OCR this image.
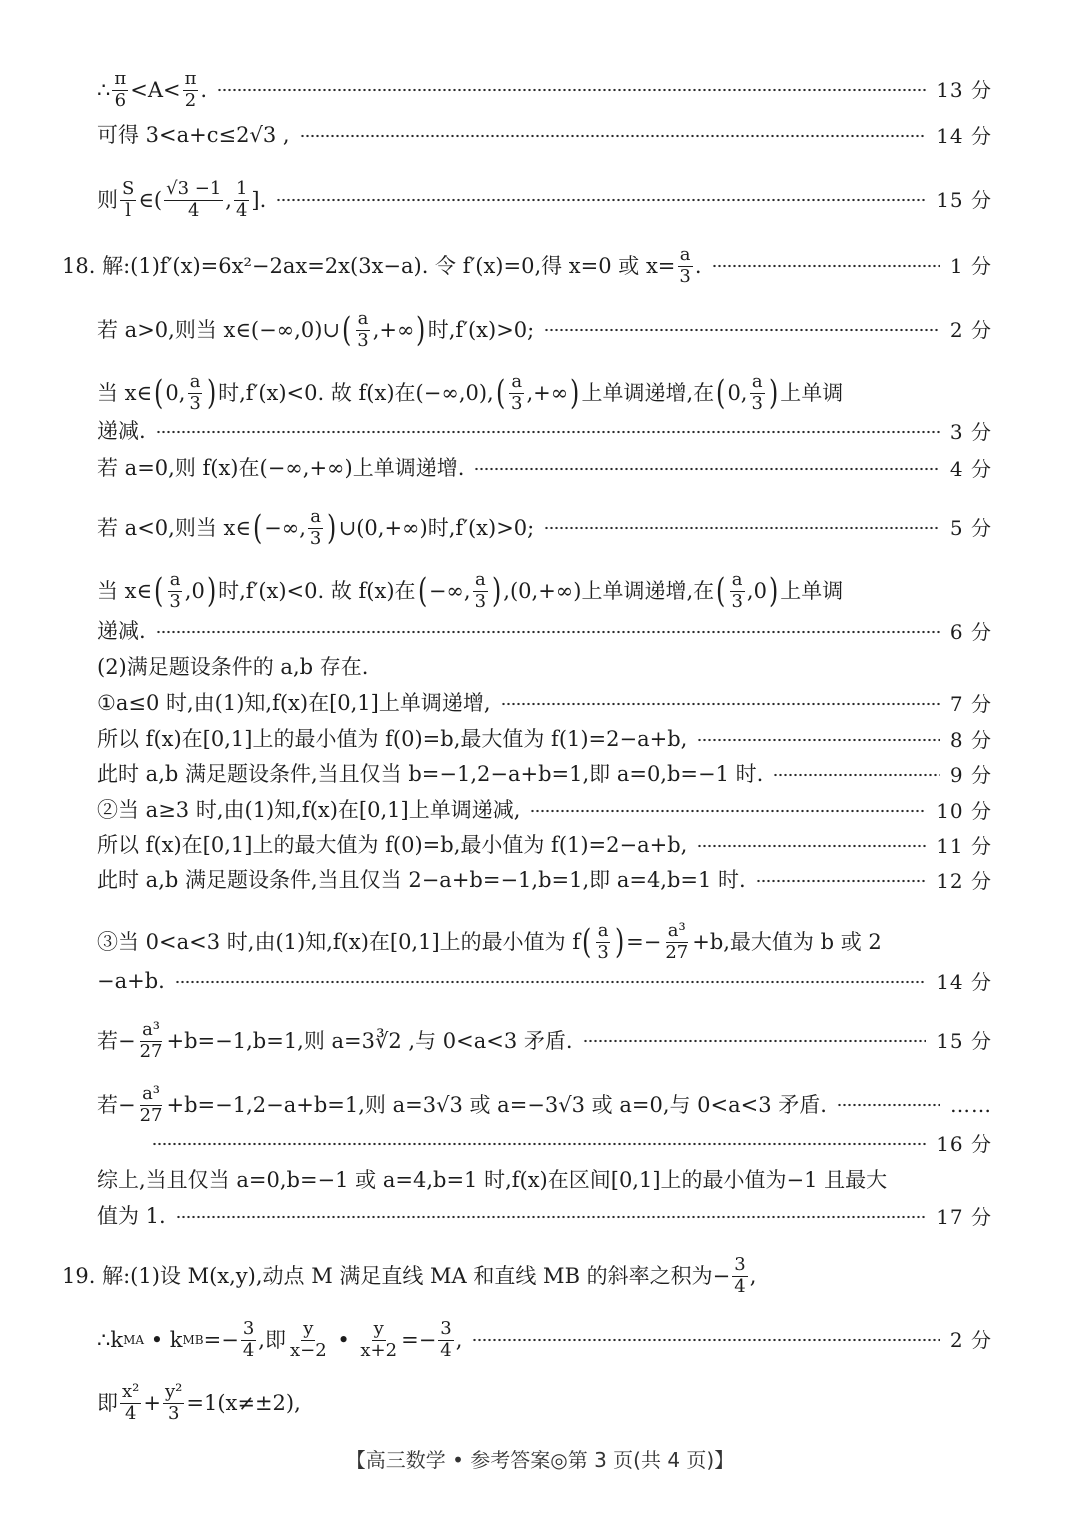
【高三数学 • 参考答案◎第 3 页(共 4 页)】
∴ $\frac{\pi}{6} <A< \frac{\pi}{2}$ .	13 分
可得 3<a+c≤2√3 ,	14 分
则 $\frac{S}{l}$ ∈( $\frac{√3 -1}{4}$ , $\frac{1}{4}$ ].	15 分
18. 解:(1)f′(x)=6x²−2ax=2x(3x−a). 令 f′(x)=0,得 x=0 或 $x= \frac{a}{3}$ .	1 分
若 a>0,则当 x∈(−∞,0)∪ ( $\frac{a}{3}$ ,+∞ ) 时,f′(x)>0;	2 分
当 x∈ ( 0, $\frac{a}{3}$ ) 时,f′(x)<0. 故 f(x)在(−∞,0), ( $\frac{a}{3}$ ,+∞ ) 上单调递增,在 ( 0, $\frac{a}{3}$ ) 上单调
递减.	3 分
若 a=0,则 f(x)在(−∞,+∞)上单调递增.	4 分
若 a<0,则当 x∈ ( −∞, $\frac{a}{3}$ ) ∪(0,+∞)时,f′(x)>0;	5 分
当 x∈ ( $\frac{a}{3} ,0$ ) 时,f′(x)<0. 故 f(x)在 ( −∞, $\frac{a}{3}$ ) ,(0,+∞)上单调递增,在 ( $\frac{a}{3} ,0$ ) 上单调
递减.	6 分
(2)满足题设条件的 a,b 存在.
①a≤0 时,由(1)知,f(x)在[0,1]上单调递增,	7 分
所以 f(x)在[0,1]上的最小值为 f(0)=b,最大值为 f(1)=2−a+b,	8 分
此时 a,b 满足题设条件,当且仅当 b=−1,2−a+b=1,即 a=0,b=−1 时.	9 分
②当 a≥3 时,由(1)知,f(x)在[0,1]上单调递减,	10 分
所以 f(x)在[0,1]上的最大值为 f(0)=b,最小值为 f(1)=2−a+b,	11 分
此时 a,b 满足题设条件,当且仅当 2−a+b=−1,b=1,即 a=4,b=1 时.	12 分
③当 0<a<3 时,由(1)知,f(x)在[0,1]上的最小值为 f ( $\frac{a}{3}$ ) =− $\frac{\text{a³}}{27} +b$,最大值为 b 或 2
−a+b.	14 分
若− $\frac{\text{a³}}{27} +b=-1,b=1$,则 a=3∛2 ,与 0<a<3 矛盾.	15 分
若− $\frac{\text{a³}}{27} +b=-1,2-a+b=1$,则 a=3√3 或 a=−3√3 或 a=0,与 0<a<3 矛盾.	……
16 分
综上,当且仅当 a=0,b=−1 或 a=4,b=1 时,f(x)在区间[0,1]上的最小值为−1 且最大
值为 1.	17 分
19. 解:(1)设 M(x,y),动点 M 满足直线 MA 和直线 MB 的斜率之积为− $\frac{3}{4}$ ,
∴k MA • k MB =− $\frac{3}{4}$ ,即 $\frac{y}{x-2}$ • $\frac{y}{x+2} =- \frac{3}{4}$ ,	2 分
即 $\frac{\text{x²}}{4} + \frac{\text{y²}}{3} =1(x\ne\pm 2)$,
